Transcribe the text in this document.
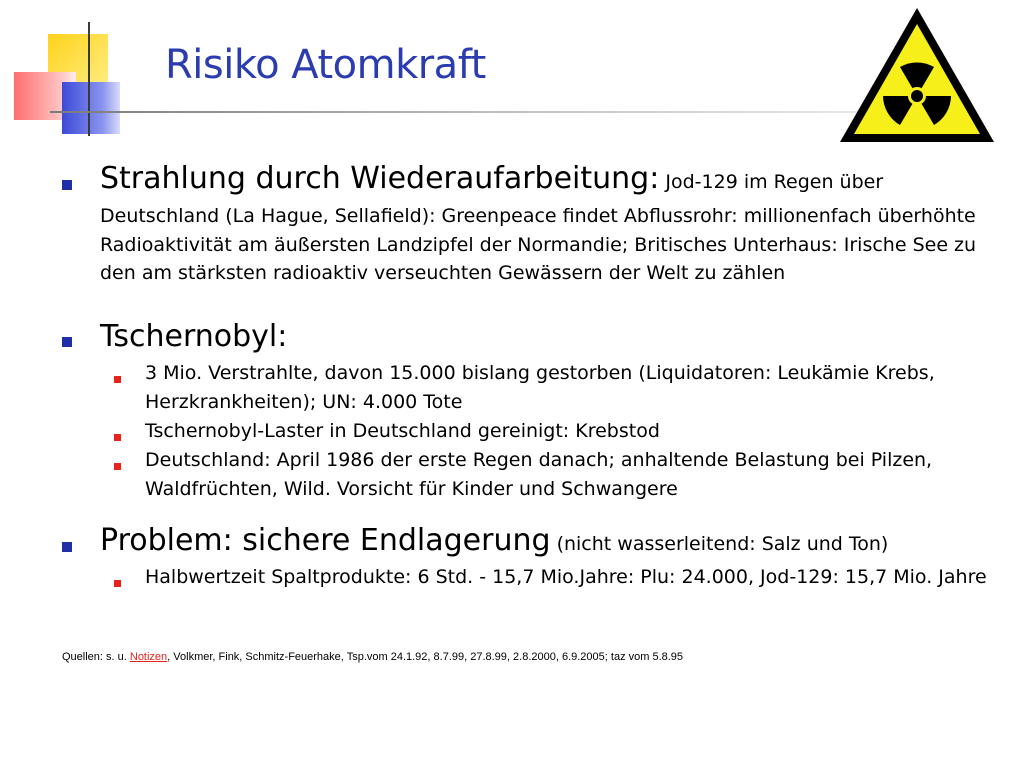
Risiko Atomkraft
Strahlung durch Wiederaufarbeitung: Jod-129 im Regen über
Deutschland (La Hague, Sellafield): Greenpeace findet Abflussrohr: millionenfach überhöhte Radioaktivität am äußersten Landzipfel der Normandie; Britisches Unterhaus: Irische See zu den am stärksten radioaktiv verseuchten Gewässern der Welt zu zählen
Tschernobyl:
3 Mio. Verstrahlte, davon 15.000 bislang gestorben (Liquidatoren: Leukämie Krebs, Herzkrankheiten); UN: 4.000 Tote
Tschernobyl-Laster in Deutschland gereinigt: Krebstod
Deutschland: April 1986 der erste Regen danach; anhaltende Belastung bei Pilzen, Waldfrüchten, Wild. Vorsicht für Kinder und Schwangere
Problem: sichere Endlagerung (nicht wasserleitend: Salz und Ton)
Halbwertzeit Spaltprodukte: 6 Std. - 15,7 Mio.Jahre: Plu: 24.000, Jod-129: 15,7 Mio. Jahre
Quellen: s. u. Notizen, Volkmer, Fink, Schmitz-Feuerhake, Tsp.vom 24.1.92, 8.7.99, 27.8.99, 2.8.2000, 6.9.2005; taz vom 5.8.95
